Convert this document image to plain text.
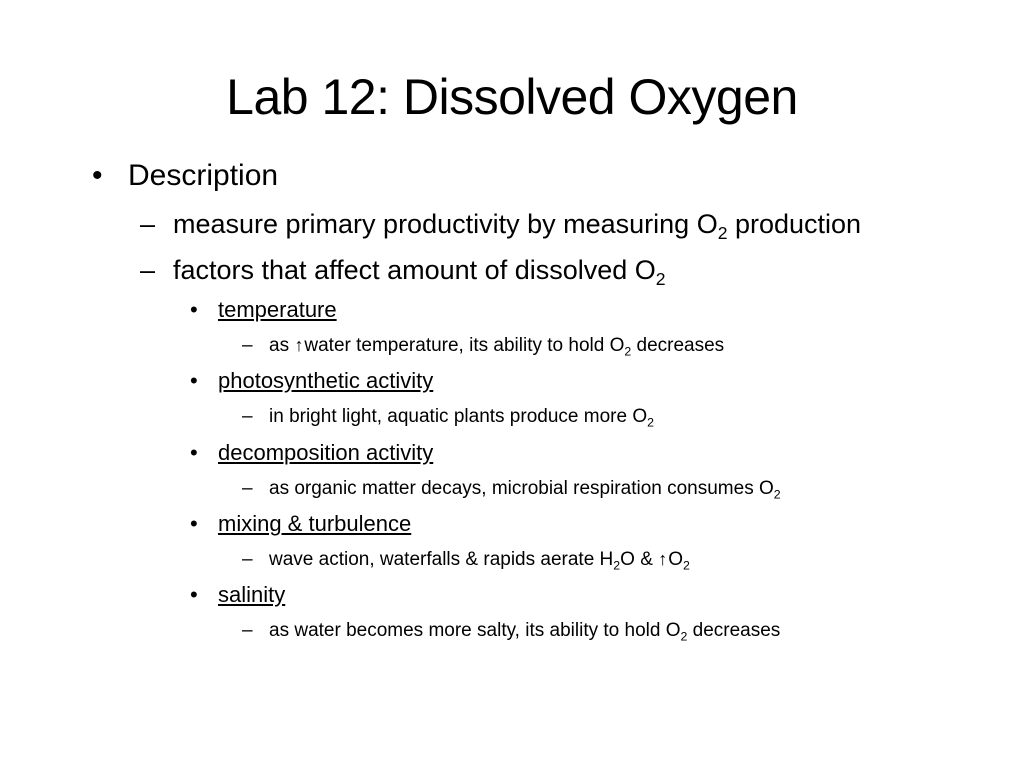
Lab 12: Dissolved Oxygen
• Description
– measure primary productivity by measuring $O_2$ production
– factors that affect amount of dissolved $O_2$
• temperature
– as ↑water temperature, its ability to hold $O_2$ decreases
• photosynthetic activity
– in bright light, aquatic plants produce more $O_2$
• decomposition activity
– as organic matter decays, microbial respiration consumes $O_2$
• mixing & turbulence
– wave action, waterfalls & rapids aerate $H_2O$ & $↑O_2$
• salinity
– as water becomes more salty, its ability to hold $O_2$ decreases
